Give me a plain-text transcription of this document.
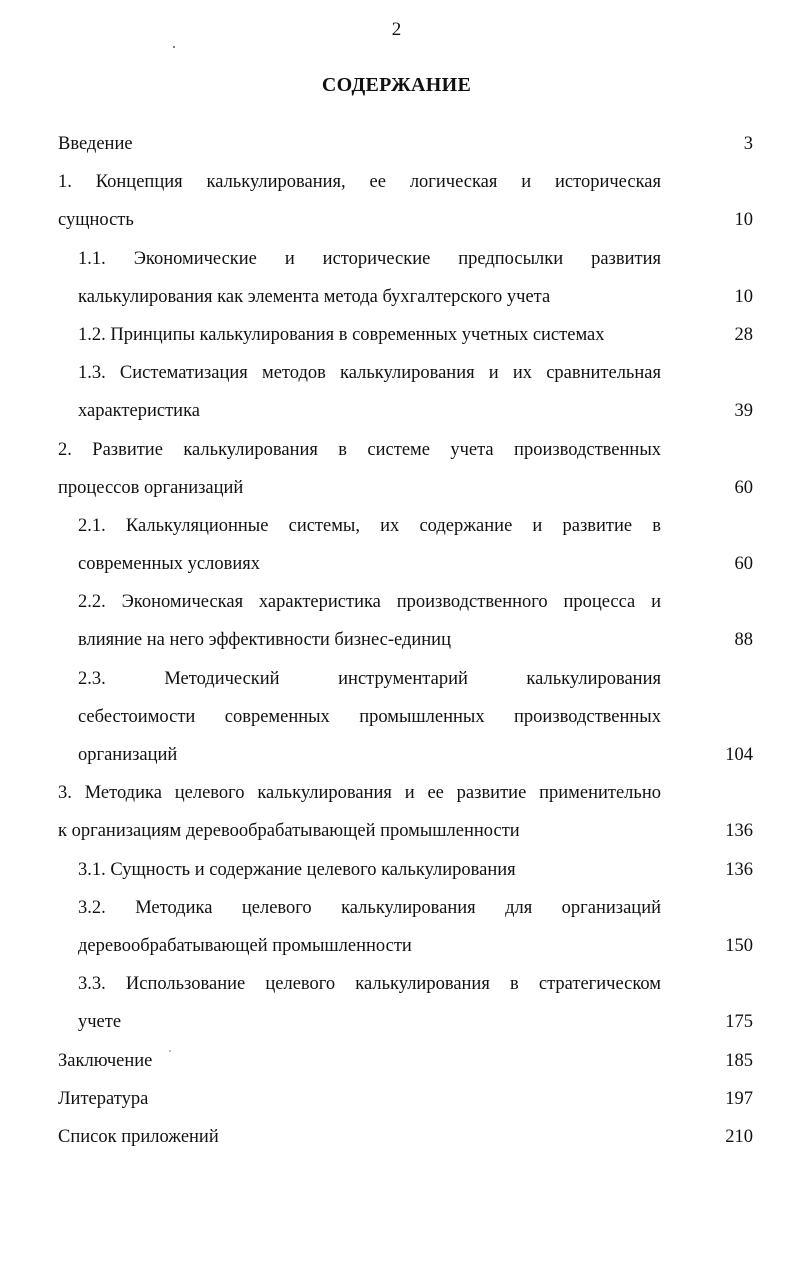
2
СОДЕРЖАНИЕ
Введение	3
1. Концепция калькулирования, ее логическая и историческая
сущность	10
1.1. Экономические и исторические предпосылки развития
калькулирования как элемента метода бухгалтерского учета	10
1.2. Принципы калькулирования в современных учетных системах	28
1.3. Систематизация методов калькулирования и их сравнительная
характеристика	39
2. Развитие калькулирования в системе учета производственных
процессов организаций	60
2.1. Калькуляционные системы, их содержание и развитие в
современных условиях	60
2.2. Экономическая характеристика производственного процесса и
влияние на него эффективности бизнес-единиц	88
2.3. Методический инструментарий калькулирования
себестоимости современных промышленных производственных
организаций	104
3. Методика целевого калькулирования и ее развитие применительно
к организациям деревообрабатывающей промышленности	136
3.1. Сущность и содержание целевого калькулирования	136
3.2. Методика целевого калькулирования для организаций
деревообрабатывающей промышленности	150
3.3. Использование целевого калькулирования в стратегическом
учете	175
Заключение	185
Литература	197
Список приложений	210
